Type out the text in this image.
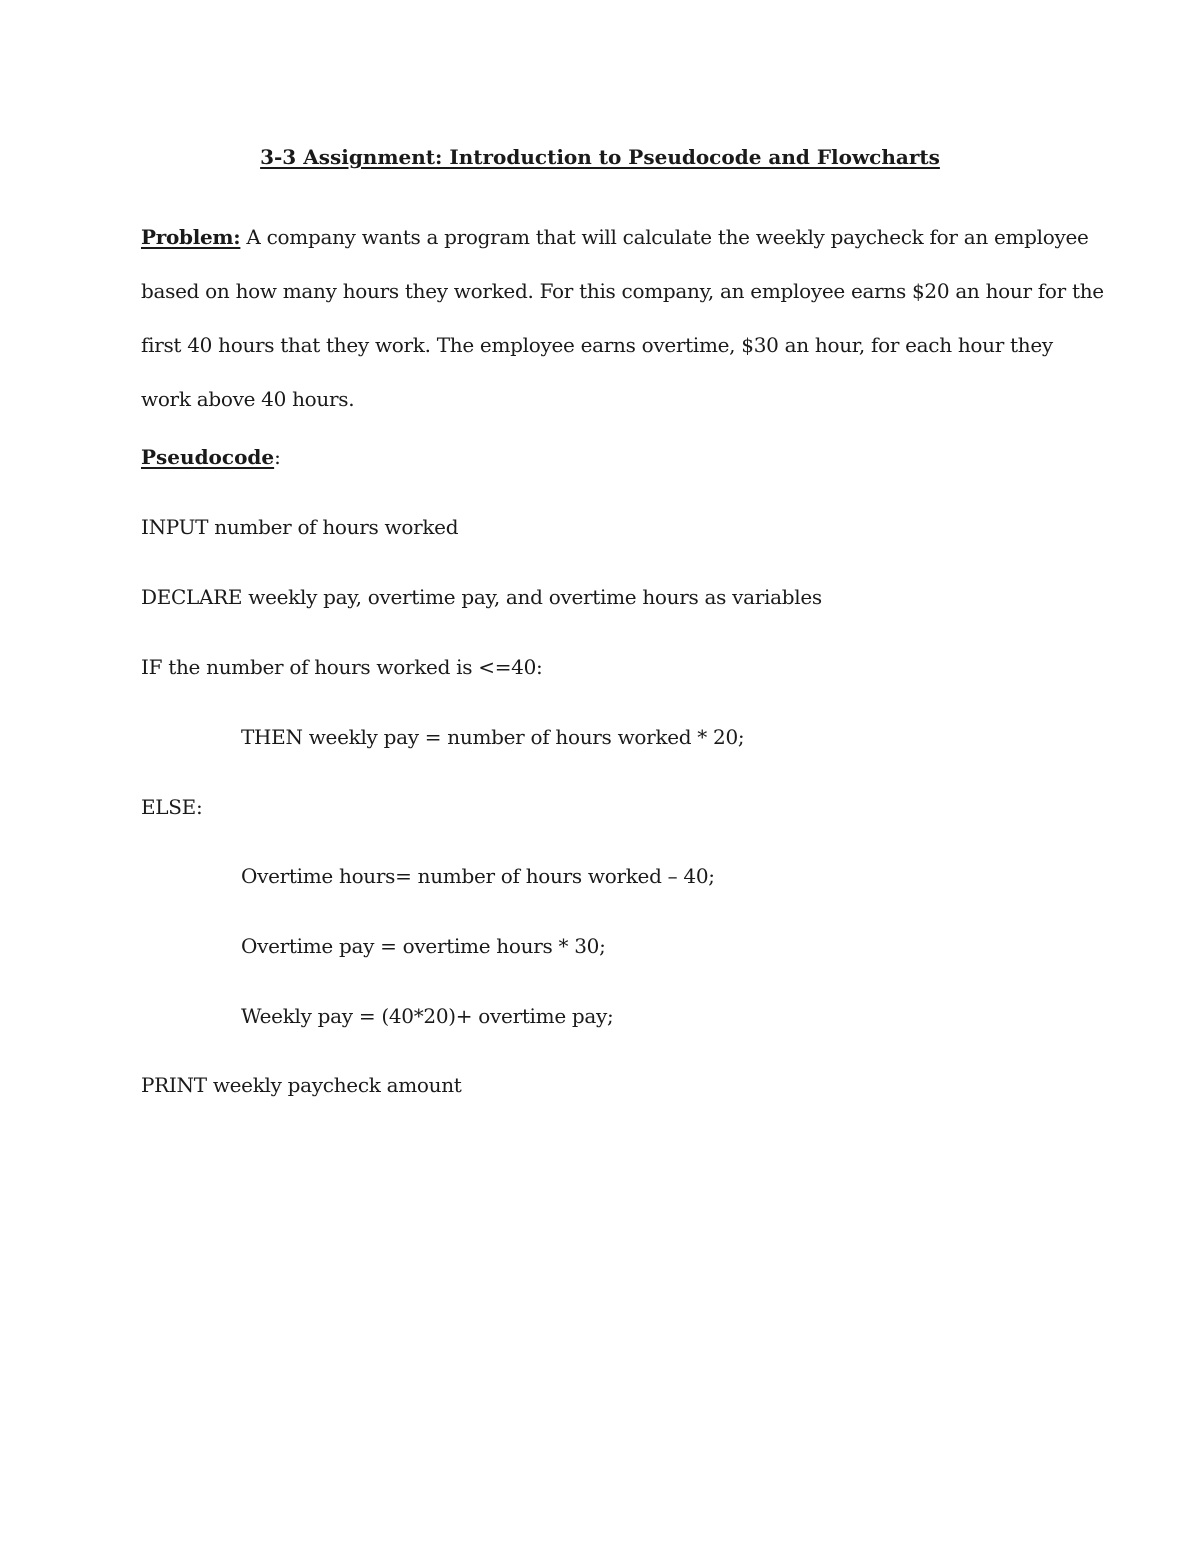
3-3 Assignment: Introduction to Pseudocode and Flowcharts
Problem: A company wants a program that will calculate the weekly paycheck for an employee
based on how many hours they worked. For this company, an employee earns $20 an hour for the
first 40 hours that they work. The employee earns overtime, $30 an hour, for each hour they
work above 40 hours.
Pseudocode:
INPUT number of hours worked
DECLARE weekly pay, overtime pay, and overtime hours as variables
IF the number of hours worked is <=40:
THEN weekly pay = number of hours worked * 20;
ELSE:
Overtime hours= number of hours worked – 40;
Overtime pay = overtime hours * 30;
Weekly pay = (40*20)+ overtime pay;
PRINT weekly paycheck amount
